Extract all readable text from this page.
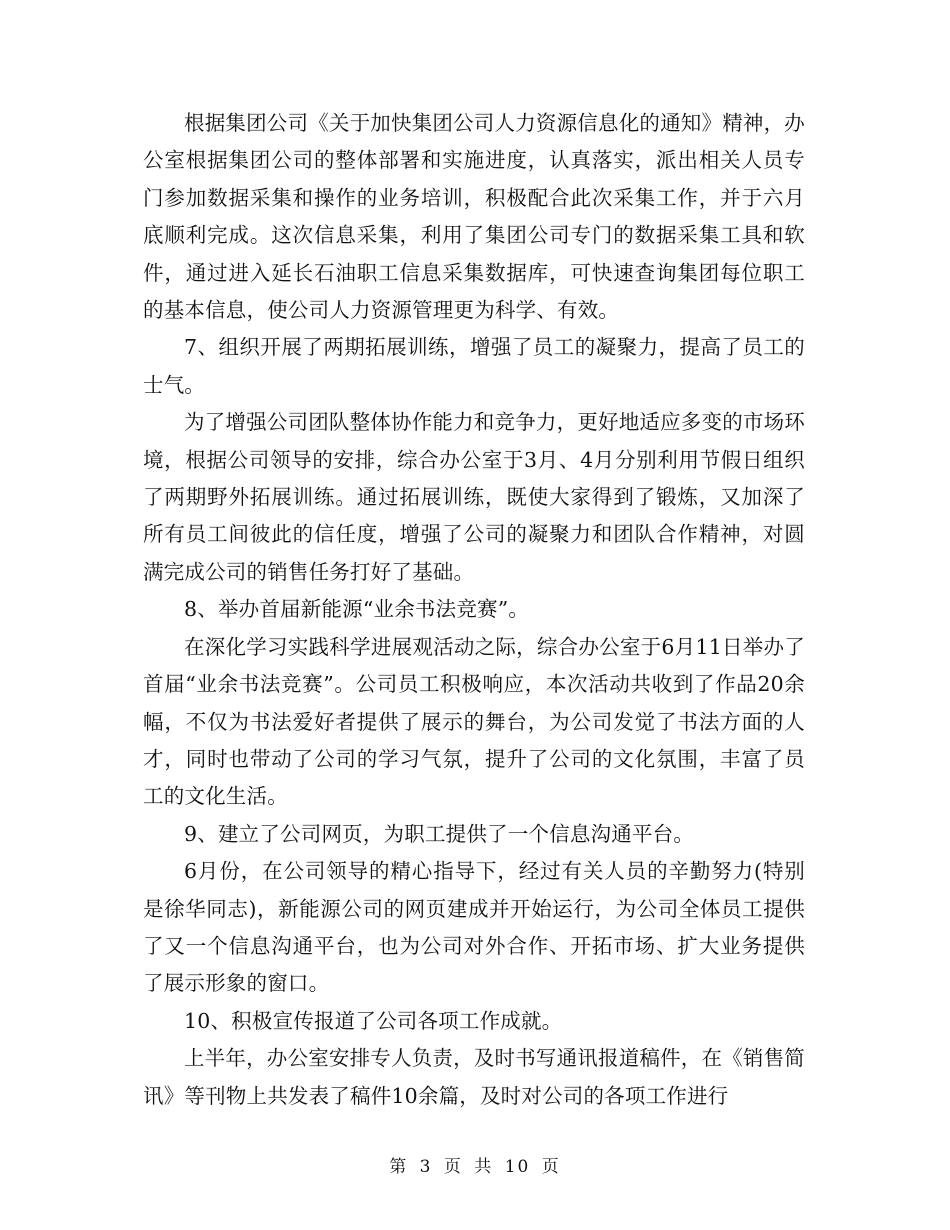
根据集团公司《关于加快集团公司人力资源信息化的通知》精神，办公室根据集团公司的整体部署和实施进度，认真落实，派出相关人员专门参加数据采集和操作的业务培训，积极配合此次采集工作，并于六月底顺利完成。这次信息采集，利用了集团公司专门的数据采集工具和软件，通过进入延长石油职工信息采集数据库，可快速查询集团每位职工的基本信息，使公司人力资源管理更为科学、有效。

7、组织开展了两期拓展训练，增强了员工的凝聚力，提高了员工的士气。

为了增强公司团队整体协作能力和竞争力，更好地适应多变的市场环境，根据公司领导的安排，综合办公室于3月、4月分别利用节假日组织了两期野外拓展训练。通过拓展训练，既使大家得到了锻炼，又加深了所有员工间彼此的信任度，增强了公司的凝聚力和团队合作精神，对圆满完成公司的销售任务打好了基础。

8、举办首届新能源“业余书法竞赛”。

在深化学习实践科学进展观活动之际，综合办公室于6月11日举办了首届“业余书法竞赛”。公司员工积极响应，本次活动共收到了作品20余幅，不仅为书法爱好者提供了展示的舞台，为公司发觉了书法方面的人才，同时也带动了公司的学习气氛，提升了公司的文化氛围，丰富了员工的文化生活。

9、建立了公司网页，为职工提供了一个信息沟通平台。

6月份，在公司领导的精心指导下，经过有关人员的辛勤努力(特别是徐华同志)，新能源公司的网页建成并开始运行，为公司全体员工提供了又一个信息沟通平台，也为公司对外合作、开拓市场、扩大业务提供了展示形象的窗口。

10、积极宣传报道了公司各项工作成就。

上半年，办公室安排专人负责，及时书写通讯报道稿件，在《销售简讯》等刊物上共发表了稿件10余篇，及时对公司的各项工作进行

第 3 页 共 10 页
